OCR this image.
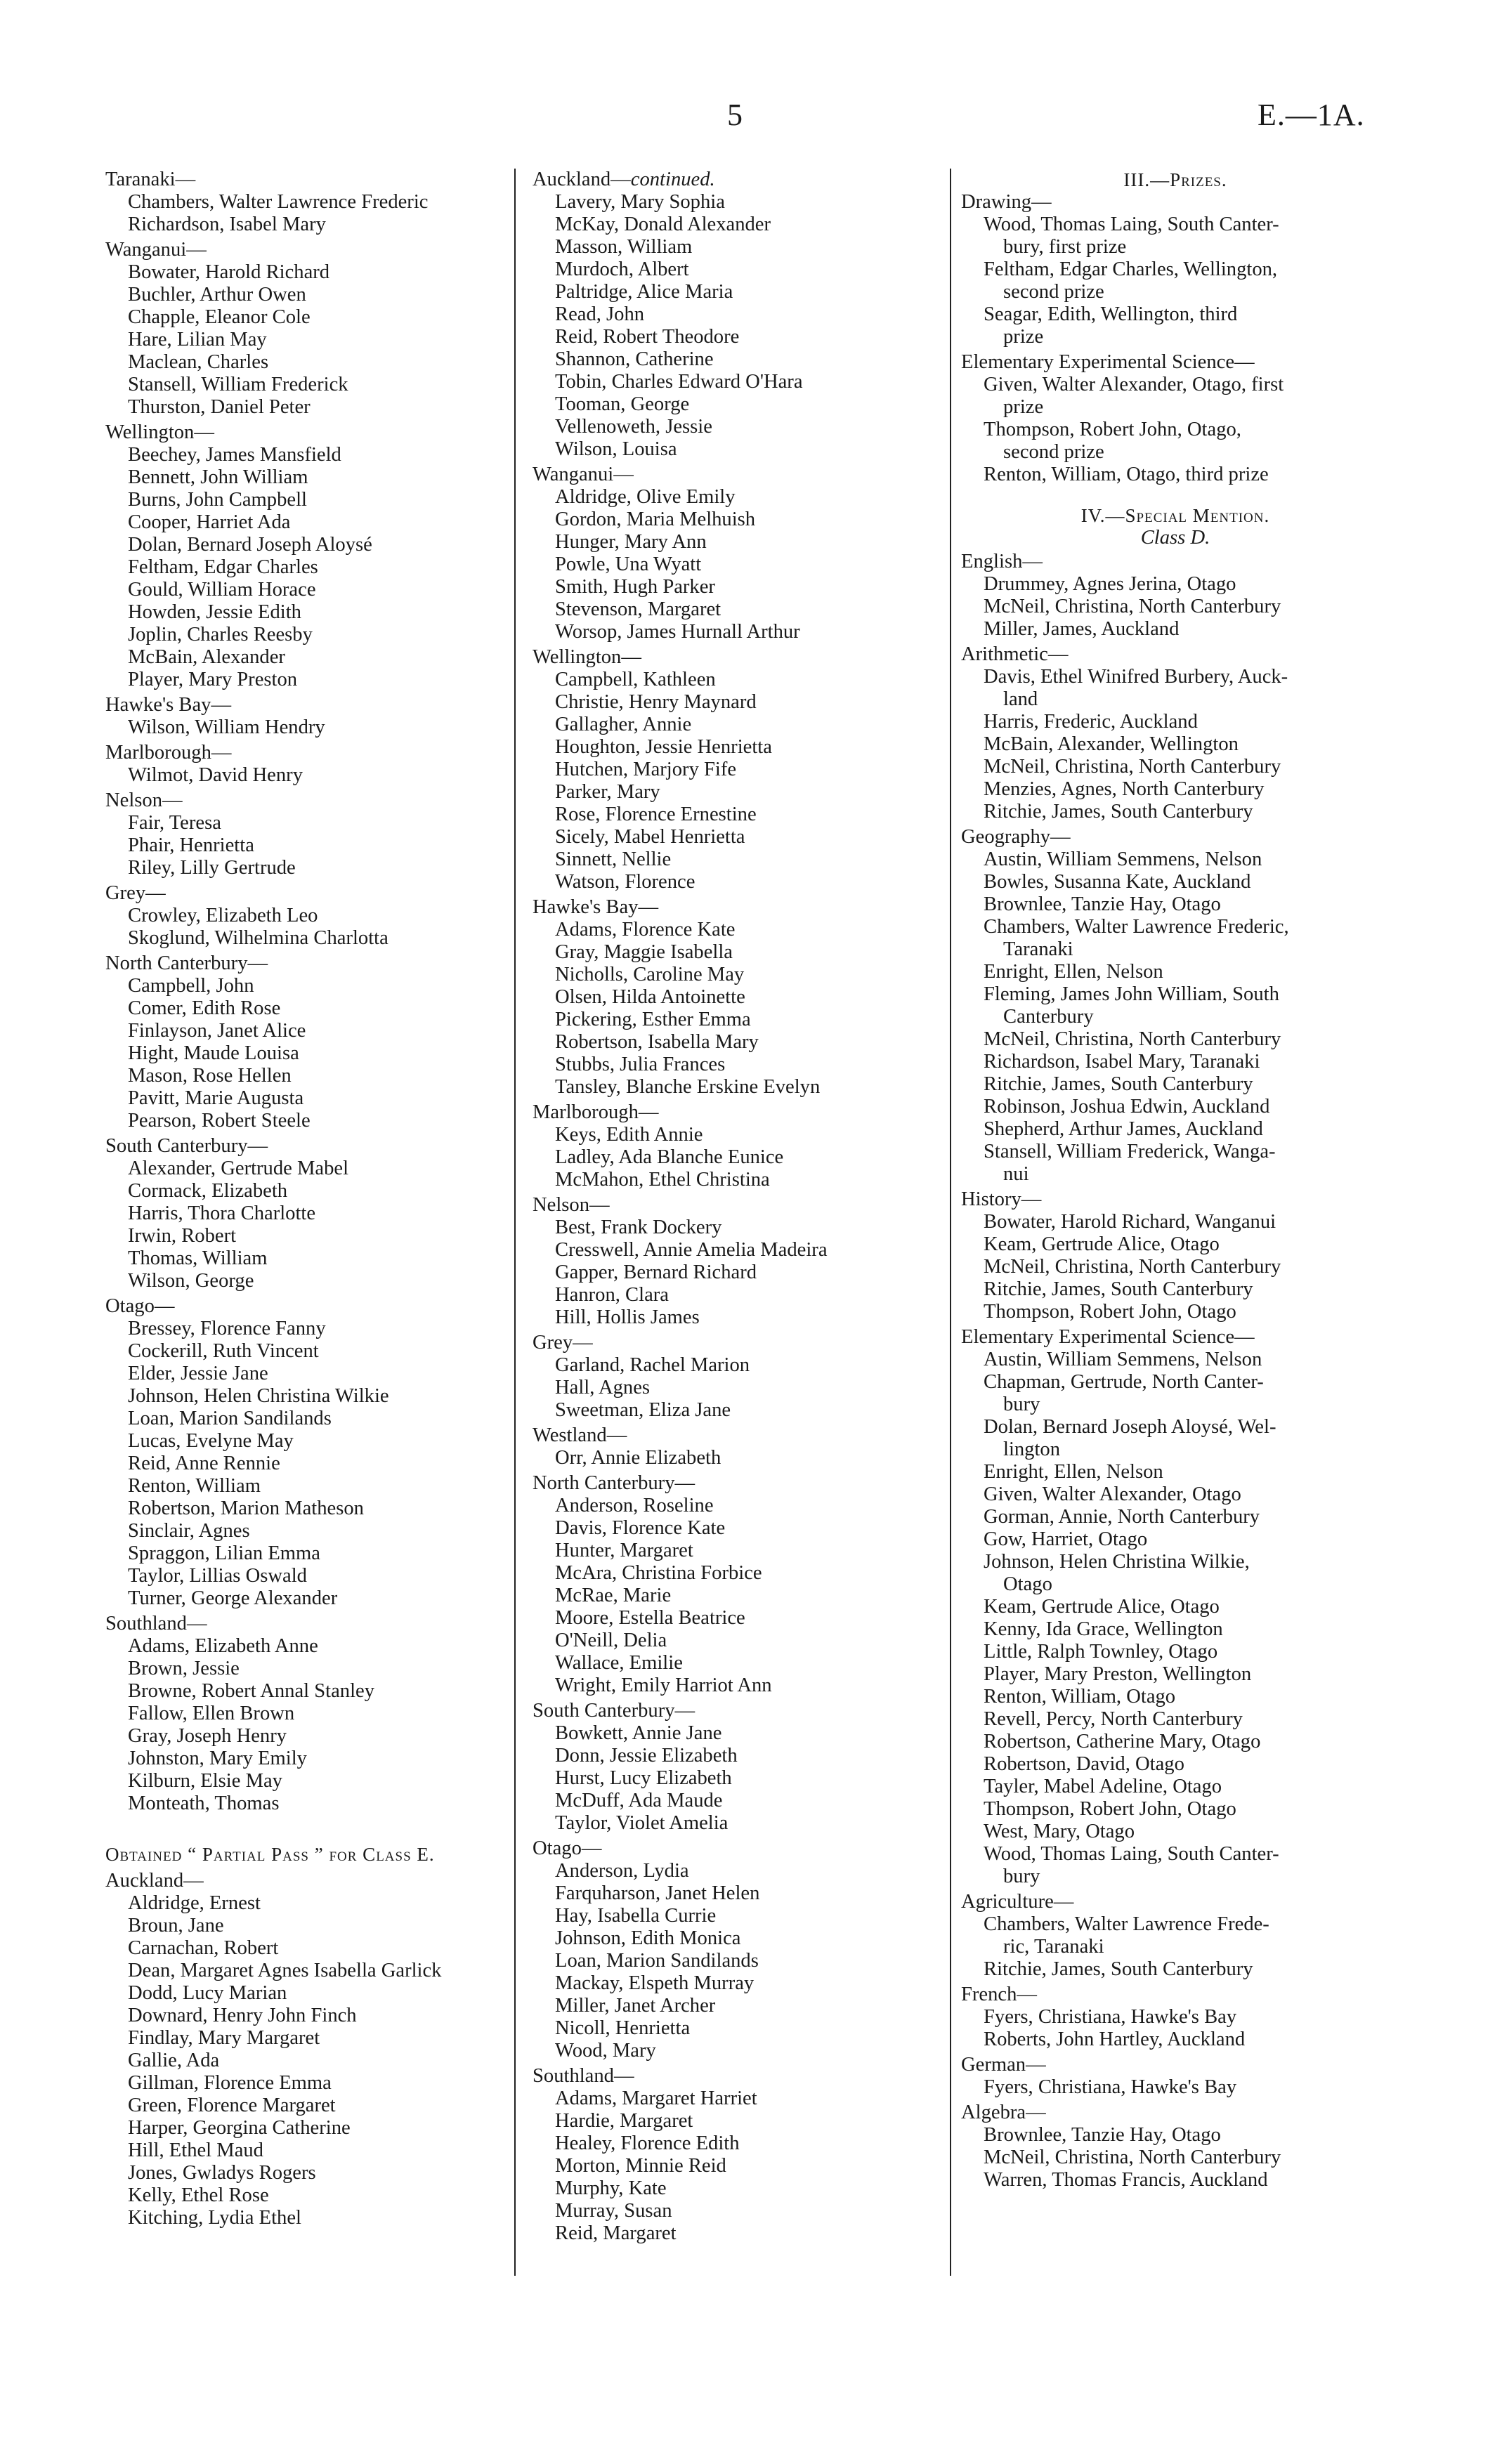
5	E.—1A.
Taranaki—
Chambers, Walter Lawrence Frederic
Richardson, Isabel Mary
Wanganui—
Bowater, Harold Richard
Buchler, Arthur Owen
Chapple, Eleanor Cole
Hare, Lilian May
Maclean, Charles
Stansell, William Frederick
Thurston, Daniel Peter
Wellington—
Beechey, James Mansfield
Bennett, John William
Burns, John Campbell
Cooper, Harriet Ada
Dolan, Bernard Joseph Aloysé
Feltham, Edgar Charles
Gould, William Horace
Howden, Jessie Edith
Joplin, Charles Reesby
McBain, Alexander
Player, Mary Preston
Hawke's Bay—
Wilson, William Hendry
Marlborough—
Wilmot, David Henry
Nelson—
Fair, Teresa
Phair, Henrietta
Riley, Lilly Gertrude
Grey—
Crowley, Elizabeth Leo
Skoglund, Wilhelmina Charlotta
North Canterbury—
Campbell, John
Comer, Edith Rose
Finlayson, Janet Alice
Hight, Maude Louisa
Mason, Rose Hellen
Pavitt, Marie Augusta
Pearson, Robert Steele
South Canterbury—
Alexander, Gertrude Mabel
Cormack, Elizabeth
Harris, Thora Charlotte
Irwin, Robert
Thomas, William
Wilson, George
Otago—
Bressey, Florence Fanny
Cockerill, Ruth Vincent
Elder, Jessie Jane
Johnson, Helen Christina Wilkie
Loan, Marion Sandilands
Lucas, Evelyne May
Reid, Anne Rennie
Renton, William
Robertson, Marion Matheson
Sinclair, Agnes
Spraggon, Lilian Emma
Taylor, Lillias Oswald
Turner, George Alexander
Southland—
Adams, Elizabeth Anne
Brown, Jessie
Browne, Robert Annal Stanley
Fallow, Ellen Brown
Gray, Joseph Henry
Johnston, Mary Emily
Kilburn, Elsie May
Monteath, Thomas
Obtained “ Partial Pass ” for Class E.
Auckland—
Aldridge, Ernest
Broun, Jane
Carnachan, Robert
Dean, Margaret Agnes Isabella Garlick
Dodd, Lucy Marian
Downard, Henry John Finch
Findlay, Mary Margaret
Gallie, Ada
Gillman, Florence Emma
Green, Florence Margaret
Harper, Georgina Catherine
Hill, Ethel Maud
Jones, Gwladys Rogers
Kelly, Ethel Rose
Kitching, Lydia Ethel
Auckland—continued.
Lavery, Mary Sophia
McKay, Donald Alexander
Masson, William
Murdoch, Albert
Paltridge, Alice Maria
Read, John
Reid, Robert Theodore
Shannon, Catherine
Tobin, Charles Edward O'Hara
Tooman, George
Vellenoweth, Jessie
Wilson, Louisa
Wanganui—
Aldridge, Olive Emily
Gordon, Maria Melhuish
Hunger, Mary Ann
Powle, Una Wyatt
Smith, Hugh Parker
Stevenson, Margaret
Worsop, James Hurnall Arthur
Wellington—
Campbell, Kathleen
Christie, Henry Maynard
Gallagher, Annie
Houghton, Jessie Henrietta
Hutchen, Marjory Fife
Parker, Mary
Rose, Florence Ernestine
Sicely, Mabel Henrietta
Sinnett, Nellie
Watson, Florence
Hawke's Bay—
Adams, Florence Kate
Gray, Maggie Isabella
Nicholls, Caroline May
Olsen, Hilda Antoinette
Pickering, Esther Emma
Robertson, Isabella Mary
Stubbs, Julia Frances
Tansley, Blanche Erskine Evelyn
Marlborough—
Keys, Edith Annie
Ladley, Ada Blanche Eunice
McMahon, Ethel Christina
Nelson—
Best, Frank Dockery
Cresswell, Annie Amelia Madeira
Gapper, Bernard Richard
Hanron, Clara
Hill, Hollis James
Grey—
Garland, Rachel Marion
Hall, Agnes
Sweetman, Eliza Jane
Westland—
Orr, Annie Elizabeth
North Canterbury—
Anderson, Roseline
Davis, Florence Kate
Hunter, Margaret
McAra, Christina Forbice
McRae, Marie
Moore, Estella Beatrice
O'Neill, Delia
Wallace, Emilie
Wright, Emily Harriot Ann
South Canterbury—
Bowkett, Annie Jane
Donn, Jessie Elizabeth
Hurst, Lucy Elizabeth
McDuff, Ada Maude
Taylor, Violet Amelia
Otago—
Anderson, Lydia
Farquharson, Janet Helen
Hay, Isabella Currie
Johnson, Edith Monica
Loan, Marion Sandilands
Mackay, Elspeth Murray
Miller, Janet Archer
Nicoll, Henrietta
Wood, Mary
Southland—
Adams, Margaret Harriet
Hardie, Margaret
Healey, Florence Edith
Morton, Minnie Reid
Murphy, Kate
Murray, Susan
Reid, Margaret
III.—Prizes.
Drawing—
Wood, Thomas Laing, South Canter-
bury, first prize
Feltham, Edgar Charles, Wellington,
second prize
Seagar, Edith, Wellington, third
prize
Elementary Experimental Science—
Given, Walter Alexander, Otago, first
prize
Thompson, Robert John, Otago,
second prize
Renton, William, Otago, third prize
IV.—Special Mention.
Class D.
English—
Drummey, Agnes Jerina, Otago
McNeil, Christina, North Canterbury
Miller, James, Auckland
Arithmetic—
Davis, Ethel Winifred Burbery, Auck-
land
Harris, Frederic, Auckland
McBain, Alexander, Wellington
McNeil, Christina, North Canterbury
Menzies, Agnes, North Canterbury
Ritchie, James, South Canterbury
Geography—
Austin, William Semmens, Nelson
Bowles, Susanna Kate, Auckland
Brownlee, Tanzie Hay, Otago
Chambers, Walter Lawrence Frederic,
Taranaki
Enright, Ellen, Nelson
Fleming, James John William, South
Canterbury
McNeil, Christina, North Canterbury
Richardson, Isabel Mary, Taranaki
Ritchie, James, South Canterbury
Robinson, Joshua Edwin, Auckland
Shepherd, Arthur James, Auckland
Stansell, William Frederick, Wanga-
nui
History—
Bowater, Harold Richard, Wanganui
Keam, Gertrude Alice, Otago
McNeil, Christina, North Canterbury
Ritchie, James, South Canterbury
Thompson, Robert John, Otago
Elementary Experimental Science—
Austin, William Semmens, Nelson
Chapman, Gertrude, North Canter-
bury
Dolan, Bernard Joseph Aloysé, Wel-
lington
Enright, Ellen, Nelson
Given, Walter Alexander, Otago
Gorman, Annie, North Canterbury
Gow, Harriet, Otago
Johnson, Helen Christina Wilkie,
Otago
Keam, Gertrude Alice, Otago
Kenny, Ida Grace, Wellington
Little, Ralph Townley, Otago
Player, Mary Preston, Wellington
Renton, William, Otago
Revell, Percy, North Canterbury
Robertson, Catherine Mary, Otago
Robertson, David, Otago
Tayler, Mabel Adeline, Otago
Thompson, Robert John, Otago
West, Mary, Otago
Wood, Thomas Laing, South Canter-
bury
Agriculture—
Chambers, Walter Lawrence Frede-
ric, Taranaki
Ritchie, James, South Canterbury
French—
Fyers, Christiana, Hawke's Bay
Roberts, John Hartley, Auckland
German—
Fyers, Christiana, Hawke's Bay
Algebra—
Brownlee, Tanzie Hay, Otago
McNeil, Christina, North Canterbury
Warren, Thomas Francis, Auckland
